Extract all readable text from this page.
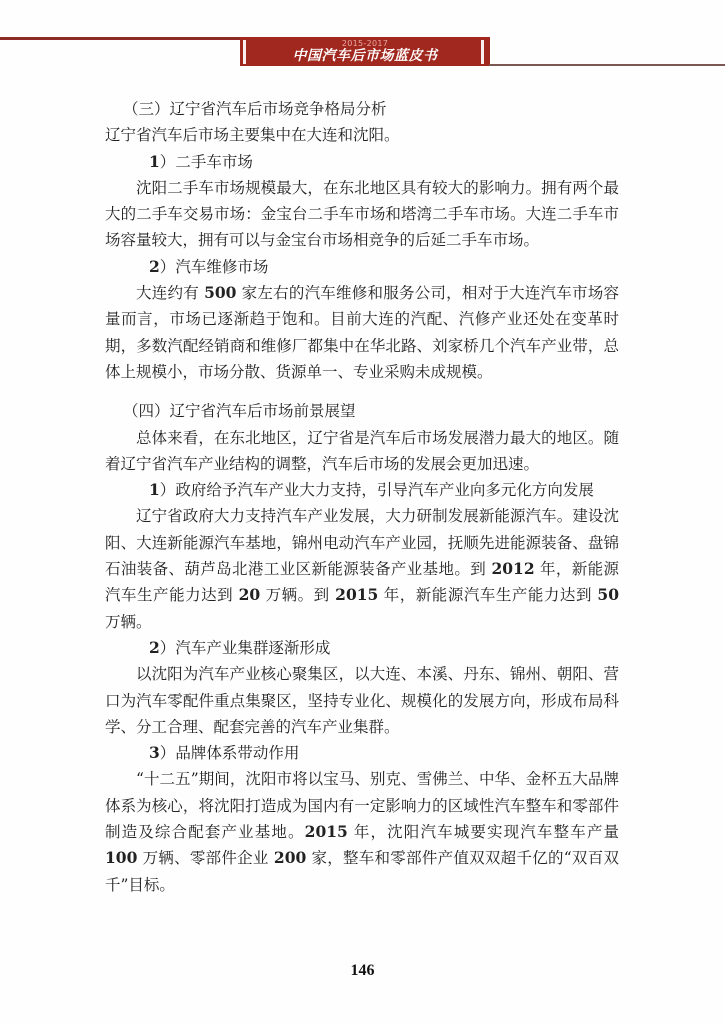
2015-2017
中国汽车后市场蓝皮书

（三）辽宁省汽车后市场竞争格局分析

辽宁省汽车后市场主要集中在大连和沈阳。

1）二手车市场

沈阳二手车市场规模最大，在东北地区具有较大的影响力。拥有两个最大的二手车交易市场：金宝台二手车市场和塔湾二手车市场。大连二手车市场容量较大，拥有可以与金宝台市场相竞争的后延二手车市场。

2）汽车维修市场

大连约有 500 家左右的汽车维修和服务公司，相对于大连汽车市场容量而言，市场已逐渐趋于饱和。目前大连的汽配、汽修产业还处在变革时期，多数汽配经销商和维修厂都集中在华北路、刘家桥几个汽车产业带，总体上规模小，市场分散、货源单一、专业采购未成规模。

（四）辽宁省汽车后市场前景展望

总体来看，在东北地区，辽宁省是汽车后市场发展潜力最大的地区。随着辽宁省汽车产业结构的调整，汽车后市场的发展会更加迅速。

1）政府给予汽车产业大力支持，引导汽车产业向多元化方向发展

辽宁省政府大力支持汽车产业发展，大力研制发展新能源汽车。建设沈阳、大连新能源汽车基地，锦州电动汽车产业园，抚顺先进能源装备、盘锦石油装备、葫芦岛北港工业区新能源装备产业基地。到 2012 年，新能源汽车生产能力达到 20 万辆。到 2015 年，新能源汽车生产能力达到 50 万辆。

2）汽车产业集群逐渐形成

以沈阳为汽车产业核心聚集区，以大连、本溪、丹东、锦州、朝阳、营口为汽车零配件重点集聚区，坚持专业化、规模化的发展方向，形成布局科学、分工合理、配套完善的汽车产业集群。

3）品牌体系带动作用

“十二五”期间，沈阳市将以宝马、别克、雪佛兰、中华、金杯五大品牌体系为核心，将沈阳打造成为国内有一定影响力的区域性汽车整车和零部件制造及综合配套产业基地。2015 年，沈阳汽车城要实现汽车整车产量 100 万辆、零部件企业 200 家，整车和零部件产值双双超千亿的“双百双千”目标。

146
